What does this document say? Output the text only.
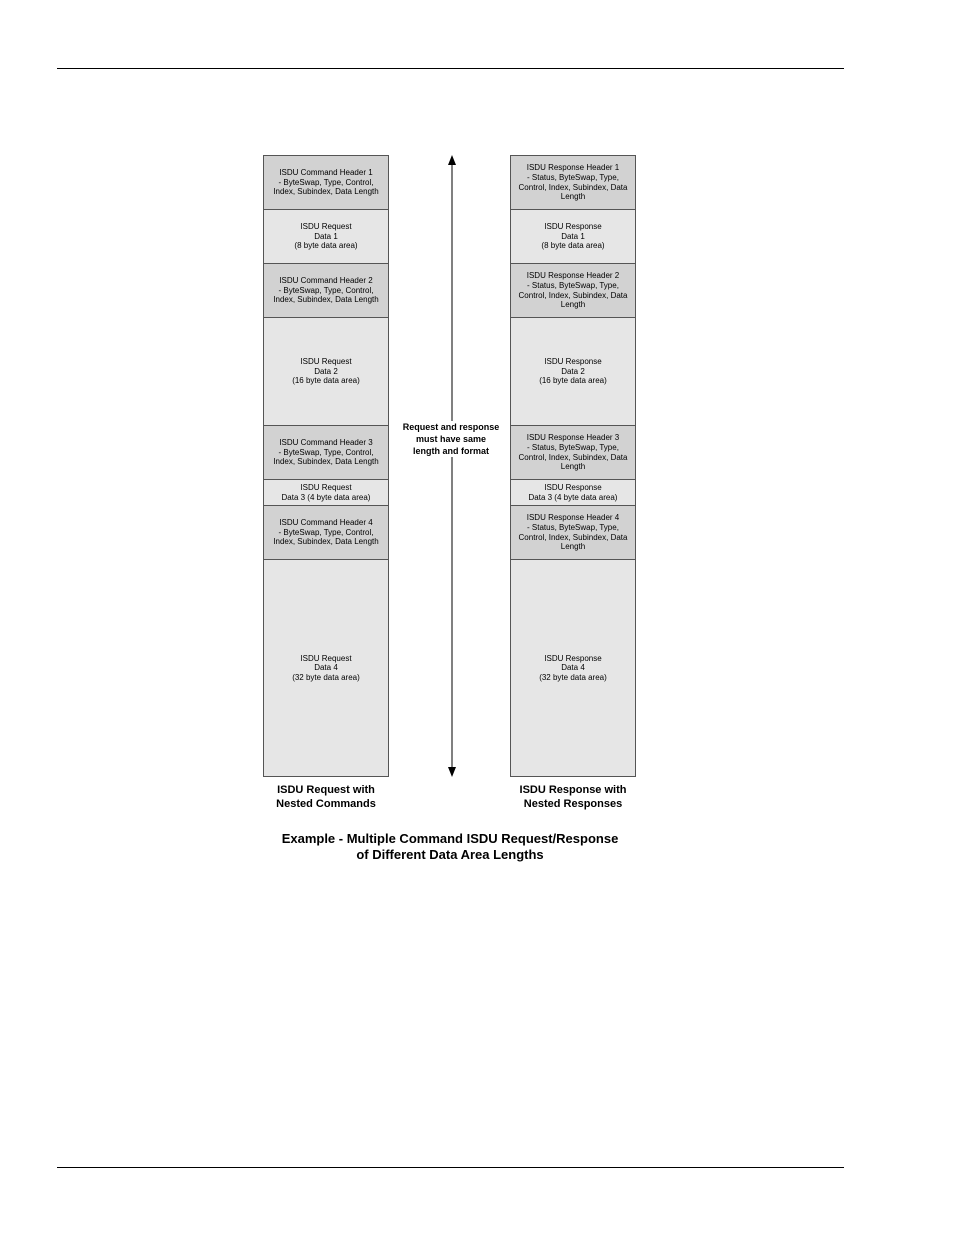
ISDU Command Header 1
- ByteSwap, Type, Control,
Index, Subindex, Data Length
ISDU Request
Data 1
(8 byte data area)
ISDU Command Header 2
- ByteSwap, Type, Control,
Index, Subindex, Data Length
ISDU Request
Data 2
(16 byte data area)
ISDU Command Header 3
- ByteSwap, Type, Control,
Index, Subindex, Data Length
ISDU Request
Data 3 (4 byte data area)
ISDU Command Header 4
- ByteSwap, Type, Control,
Index, Subindex, Data Length
ISDU Request
Data 4
(32 byte data area)
Request and response
must have same
length and format
ISDU Response Header 1
- Status, ByteSwap, Type,
Control, Index, Subindex, Data
Length
ISDU Response
Data 1
(8 byte data area)
ISDU Response Header 2
- Status, ByteSwap, Type,
Control, Index, Subindex, Data
Length
ISDU Response
Data 2
(16 byte data area)
ISDU Response Header 3
- Status, ByteSwap, Type,
Control, Index, Subindex, Data
Length
ISDU Response
Data 3 (4 byte data area)
ISDU Response Header 4
- Status, ByteSwap, Type,
Control, Index, Subindex, Data
Length
ISDU Response
Data 4
(32 byte data area)
ISDU Request with
Nested Commands
ISDU Response with
Nested Responses
Example - Multiple Command ISDU Request/Response
of Different Data Area Lengths
